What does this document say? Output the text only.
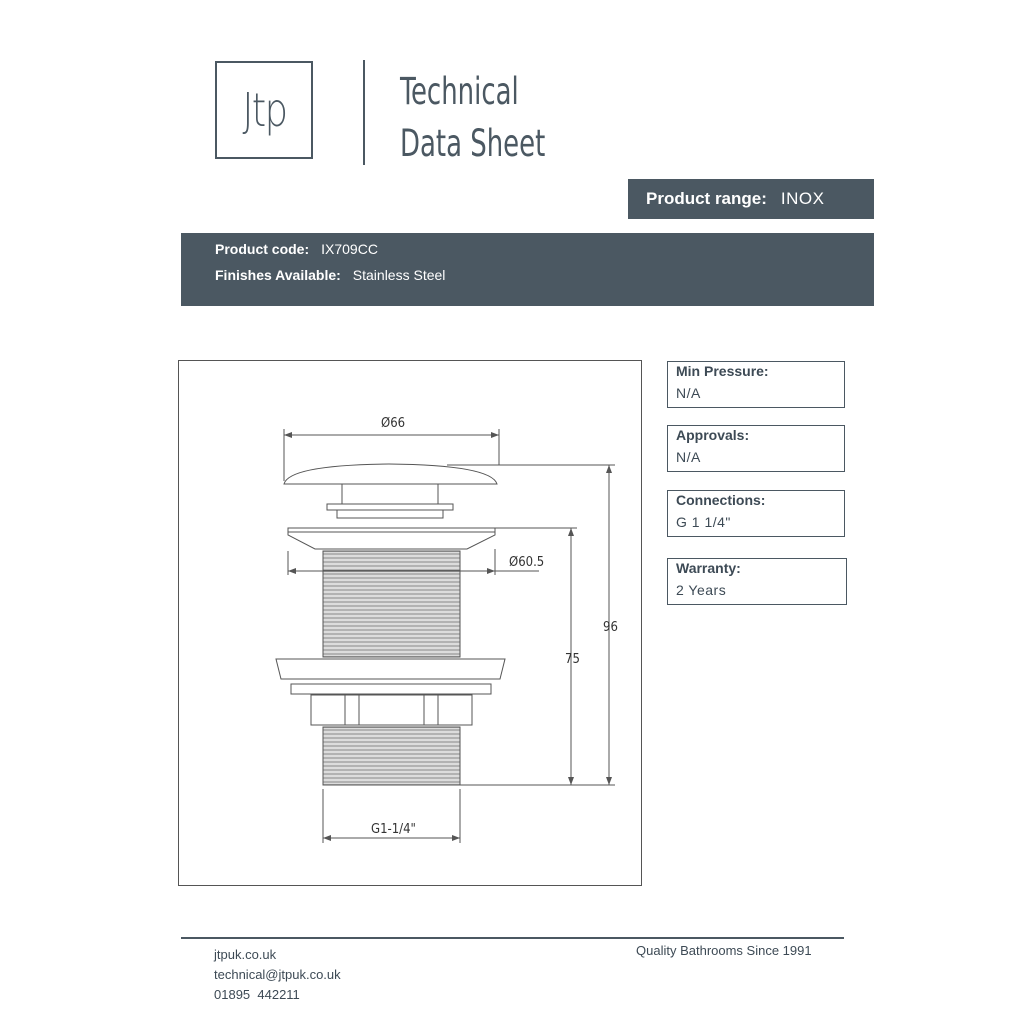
Jtp	Technical
Data Sheet
Product range: INOX
Product code: IX709CC
Finishes Available: Stainless Steel
Ø66
Ø60.5
96
75
G1-1/4"
Min Pressure:
N/A
Approvals:
N/A
Connections:
G 1 1/4"
Warranty:
2 Years
jtpuk.co.uk
technical@jtpuk.co.uk
01895  442211
Quality Bathrooms Since 1991
